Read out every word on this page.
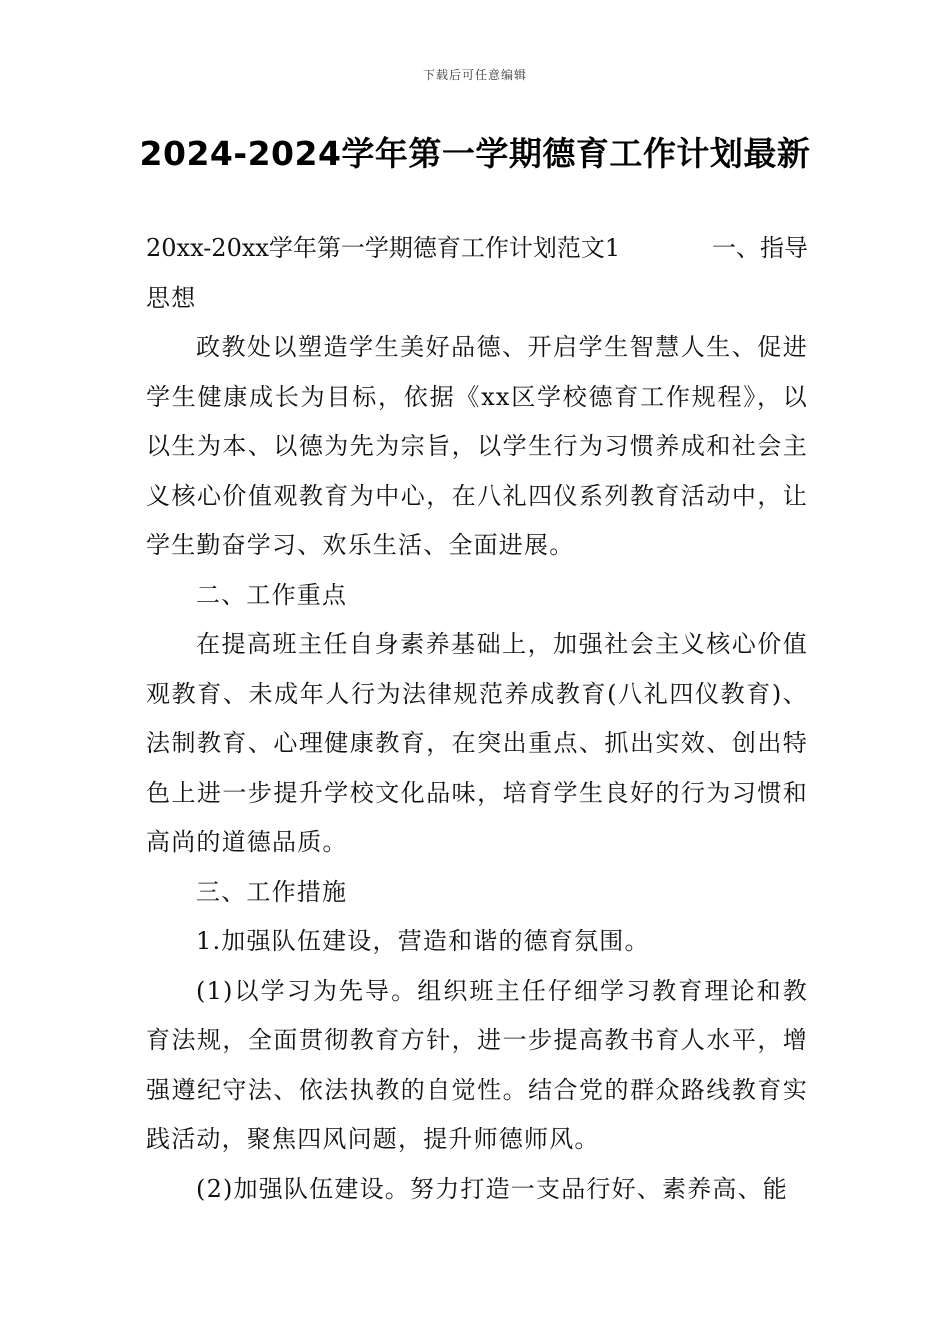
下载后可任意编辑
2024-2024学年第一学期德育工作计划最新
20xx-20xx学年第一学期德育工作计划范文1	一、指导

思想

政教处以塑造学生美好品德、开启学生智慧人生、促进学生健康成长为目标，依据《xx区学校德育工作规程》，以以生为本、以德为先为宗旨，以学生行为习惯养成和社会主义核心价值观教育为中心，在八礼四仪系列教育活动中，让学生勤奋学习、欢乐生活、全面进展。

二、工作重点

在提高班主任自身素养基础上，加强社会主义核心价值观教育、未成年人行为法律规范养成教育(八礼四仪教育)、法制教育、心理健康教育，在突出重点、抓出实效、创出特色上进一步提升学校文化品味，培育学生良好的行为习惯和高尚的道德品质。

三、工作措施

1.加强队伍建设，营造和谐的德育氛围。

(1)以学习为先导。组织班主任仔细学习教育理论和教育法规，全面贯彻教育方针，进一步提高教书育人水平，增强遵纪守法、依法执教的自觉性。结合党的群众路线教育实践活动，聚焦四风问题，提升师德师风。

(2)加强队伍建设。努力打造一支品行好、素养高、能
